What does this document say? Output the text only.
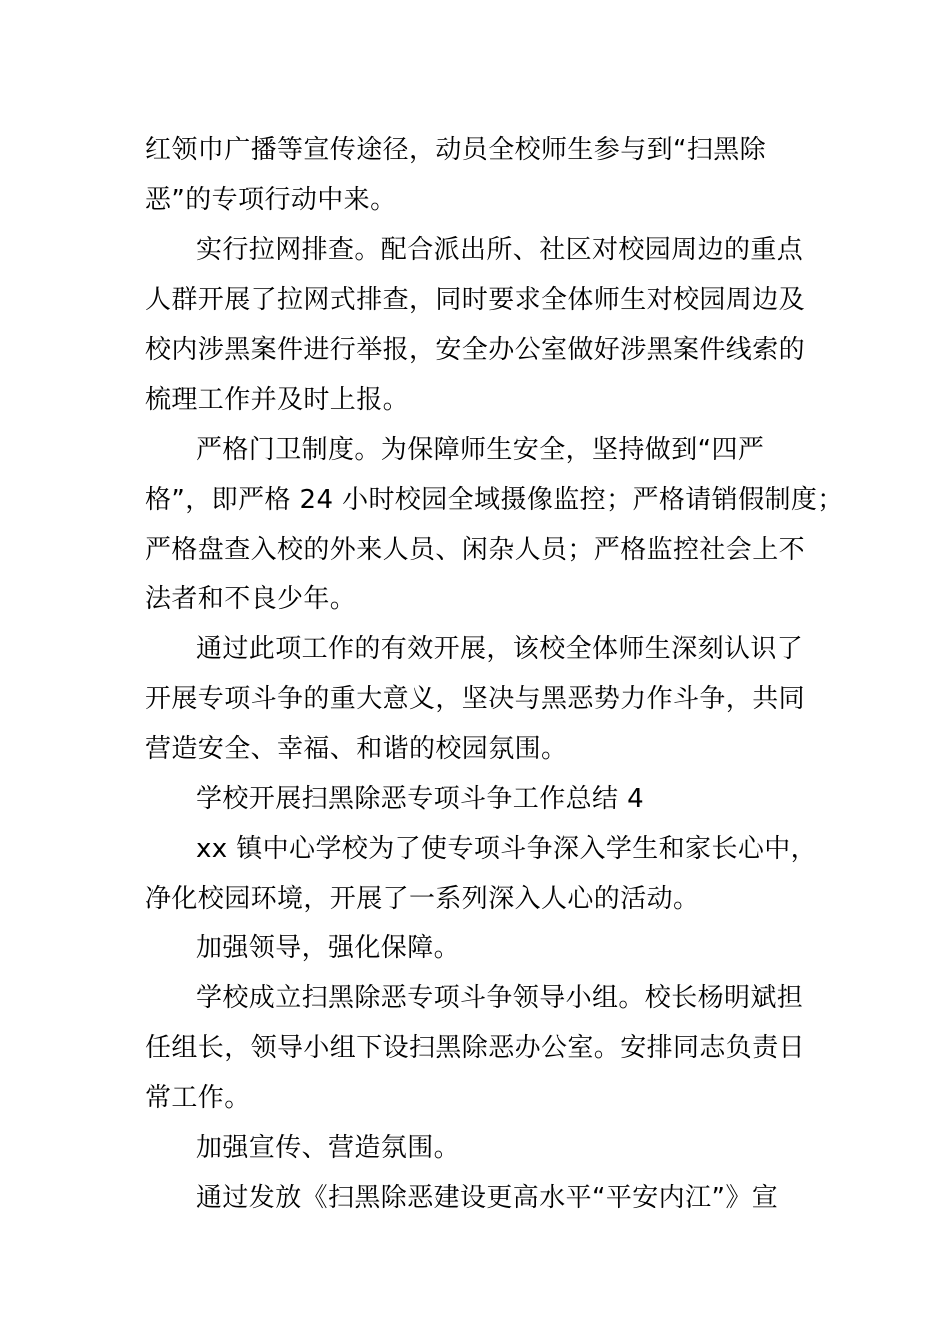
红领巾广播等宣传途径，动员全校师生参与到“扫黑除
恶”的专项行动中来。
实行拉网排查。配合派出所、社区对校园周边的重点
人群开展了拉网式排查，同时要求全体师生对校园周边及
校内涉黑案件进行举报，安全办公室做好涉黑案件线索的
梳理工作并及时上报。
严格门卫制度。为保障师生安全，坚持做到“四严
格”，即严格 24 小时校园全域摄像监控；严格请销假制度；
严格盘查入校的外来人员、闲杂人员；严格监控社会上不
法者和不良少年。
通过此项工作的有效开展，该校全体师生深刻认识了
开展专项斗争的重大意义，坚决与黑恶势力作斗争，共同
营造安全、幸福、和谐的校园氛围。
学校开展扫黑除恶专项斗争工作总结 4
xx 镇中心学校为了使专项斗争深入学生和家长心中，
净化校园环境，开展了一系列深入人心的活动。
加强领导，强化保障。
学校成立扫黑除恶专项斗争领导小组。校长杨明斌担
任组长，领导小组下设扫黑除恶办公室。安排同志负责日
常工作。
加强宣传、营造氛围。
通过发放《扫黑除恶建设更高水平“平安内江”》宣
